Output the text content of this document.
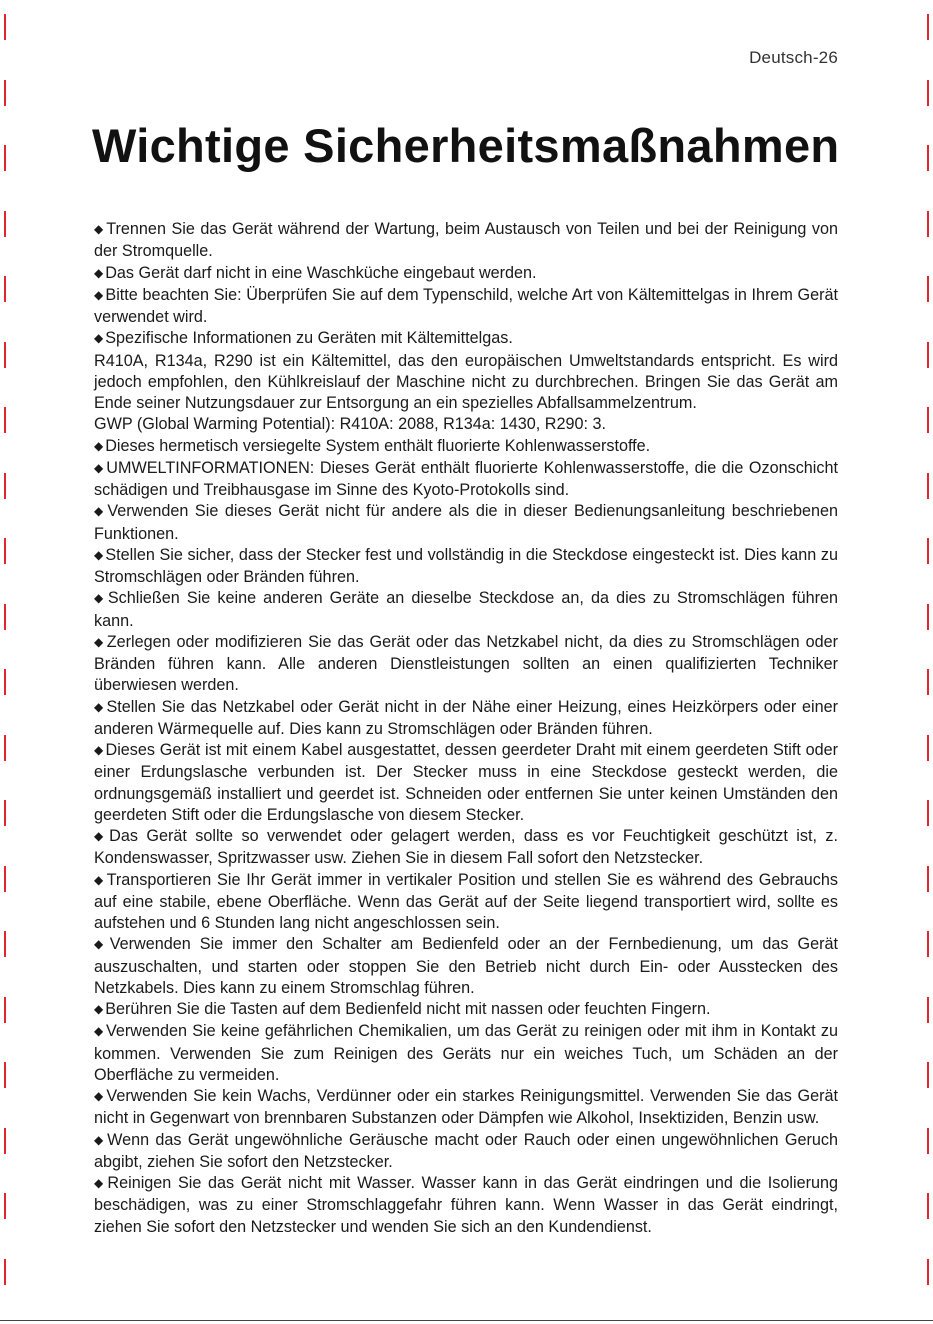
Deutsch-26
Wichtige Sicherheitsmaßnahmen

◆ Trennen Sie das Gerät während der Wartung, beim Austausch von Teilen und bei der Reinigung von der Stromquelle.

◆ Das Gerät darf nicht in eine Waschküche eingebaut werden.

◆ Bitte beachten Sie: Überprüfen Sie auf dem Typenschild, welche Art von Kältemittelgas in Ihrem Gerät verwendet wird.

◆ Spezifische Informationen zu Geräten mit Kältemittelgas.

R410A, R134a, R290 ist ein Kältemittel, das den europäischen Umweltstandards entspricht. Es wird jedoch empfohlen, den Kühlkreislauf der Maschine nicht zu durchbrechen. Bringen Sie das Gerät am Ende seiner Nutzungsdauer zur Entsorgung an ein spezielles Abfallsammelzentrum.

GWP (Global Warming Potential): R410A: 2088, R134a: 1430, R290: 3.

◆ Dieses hermetisch versiegelte System enthält fluorierte Kohlenwasserstoffe.

◆ UMWELTINFORMATIONEN: Dieses Gerät enthält fluorierte Kohlenwasserstoffe, die die Ozonschicht schädigen und Treibhausgase im Sinne des Kyoto-Protokolls sind.

◆ Verwenden Sie dieses Gerät nicht für andere als die in dieser Bedienungsanleitung beschriebenen Funktionen.

◆ Stellen Sie sicher, dass der Stecker fest und vollständig in die Steckdose eingesteckt ist. Dies kann zu Stromschlägen oder Bränden führen.

◆ Schließen Sie keine anderen Geräte an dieselbe Steckdose an, da dies zu Stromschlägen führen kann.

◆ Zerlegen oder modifizieren Sie das Gerät oder das Netzkabel nicht, da dies zu Stromschlägen oder Bränden führen kann. Alle anderen Dienstleistungen sollten an einen qualifizierten Techniker überwiesen werden.

◆ Stellen Sie das Netzkabel oder Gerät nicht in der Nähe einer Heizung, eines Heizkörpers oder einer anderen Wärmequelle auf. Dies kann zu Stromschlägen oder Bränden führen.

◆ Dieses Gerät ist mit einem Kabel ausgestattet, dessen geerdeter Draht mit einem geerdeten Stift oder einer Erdungslasche verbunden ist. Der Stecker muss in eine Steckdose gesteckt werden, die ordnungsgemäß installiert und geerdet ist. Schneiden oder entfernen Sie unter keinen Umständen den geerdeten Stift oder die Erdungslasche von diesem Stecker.

◆ Das Gerät sollte so verwendet oder gelagert werden, dass es vor Feuchtigkeit geschützt ist, z. Kondenswasser, Spritzwasser usw. Ziehen Sie in diesem Fall sofort den Netzstecker.

◆ Transportieren Sie Ihr Gerät immer in vertikaler Position und stellen Sie es während des Gebrauchs auf eine stabile, ebene Oberfläche. Wenn das Gerät auf der Seite liegend transportiert wird, sollte es aufstehen und 6 Stunden lang nicht angeschlossen sein.

◆ Verwenden Sie immer den Schalter am Bedienfeld oder an der Fernbedienung, um das Gerät auszuschalten, und starten oder stoppen Sie den Betrieb nicht durch Ein- oder Ausstecken des Netzkabels. Dies kann zu einem Stromschlag führen.

◆ Berühren Sie die Tasten auf dem Bedienfeld nicht mit nassen oder feuchten Fingern.

◆ Verwenden Sie keine gefährlichen Chemikalien, um das Gerät zu reinigen oder mit ihm in Kontakt zu kommen. Verwenden Sie zum Reinigen des Geräts nur ein weiches Tuch, um Schäden an der Oberfläche zu vermeiden.

◆ Verwenden Sie kein Wachs, Verdünner oder ein starkes Reinigungsmittel. Verwenden Sie das Gerät nicht in Gegenwart von brennbaren Substanzen oder Dämpfen wie Alkohol, Insektiziden, Benzin usw.

◆ Wenn das Gerät ungewöhnliche Geräusche macht oder Rauch oder einen ungewöhnlichen Geruch abgibt, ziehen Sie sofort den Netzstecker.

◆ Reinigen Sie das Gerät nicht mit Wasser. Wasser kann in das Gerät eindringen und die Isolierung beschädigen, was zu einer Stromschlaggefahr führen kann. Wenn Wasser in das Gerät eindringt, ziehen Sie sofort den Netzstecker und wenden Sie sich an den Kundendienst.
